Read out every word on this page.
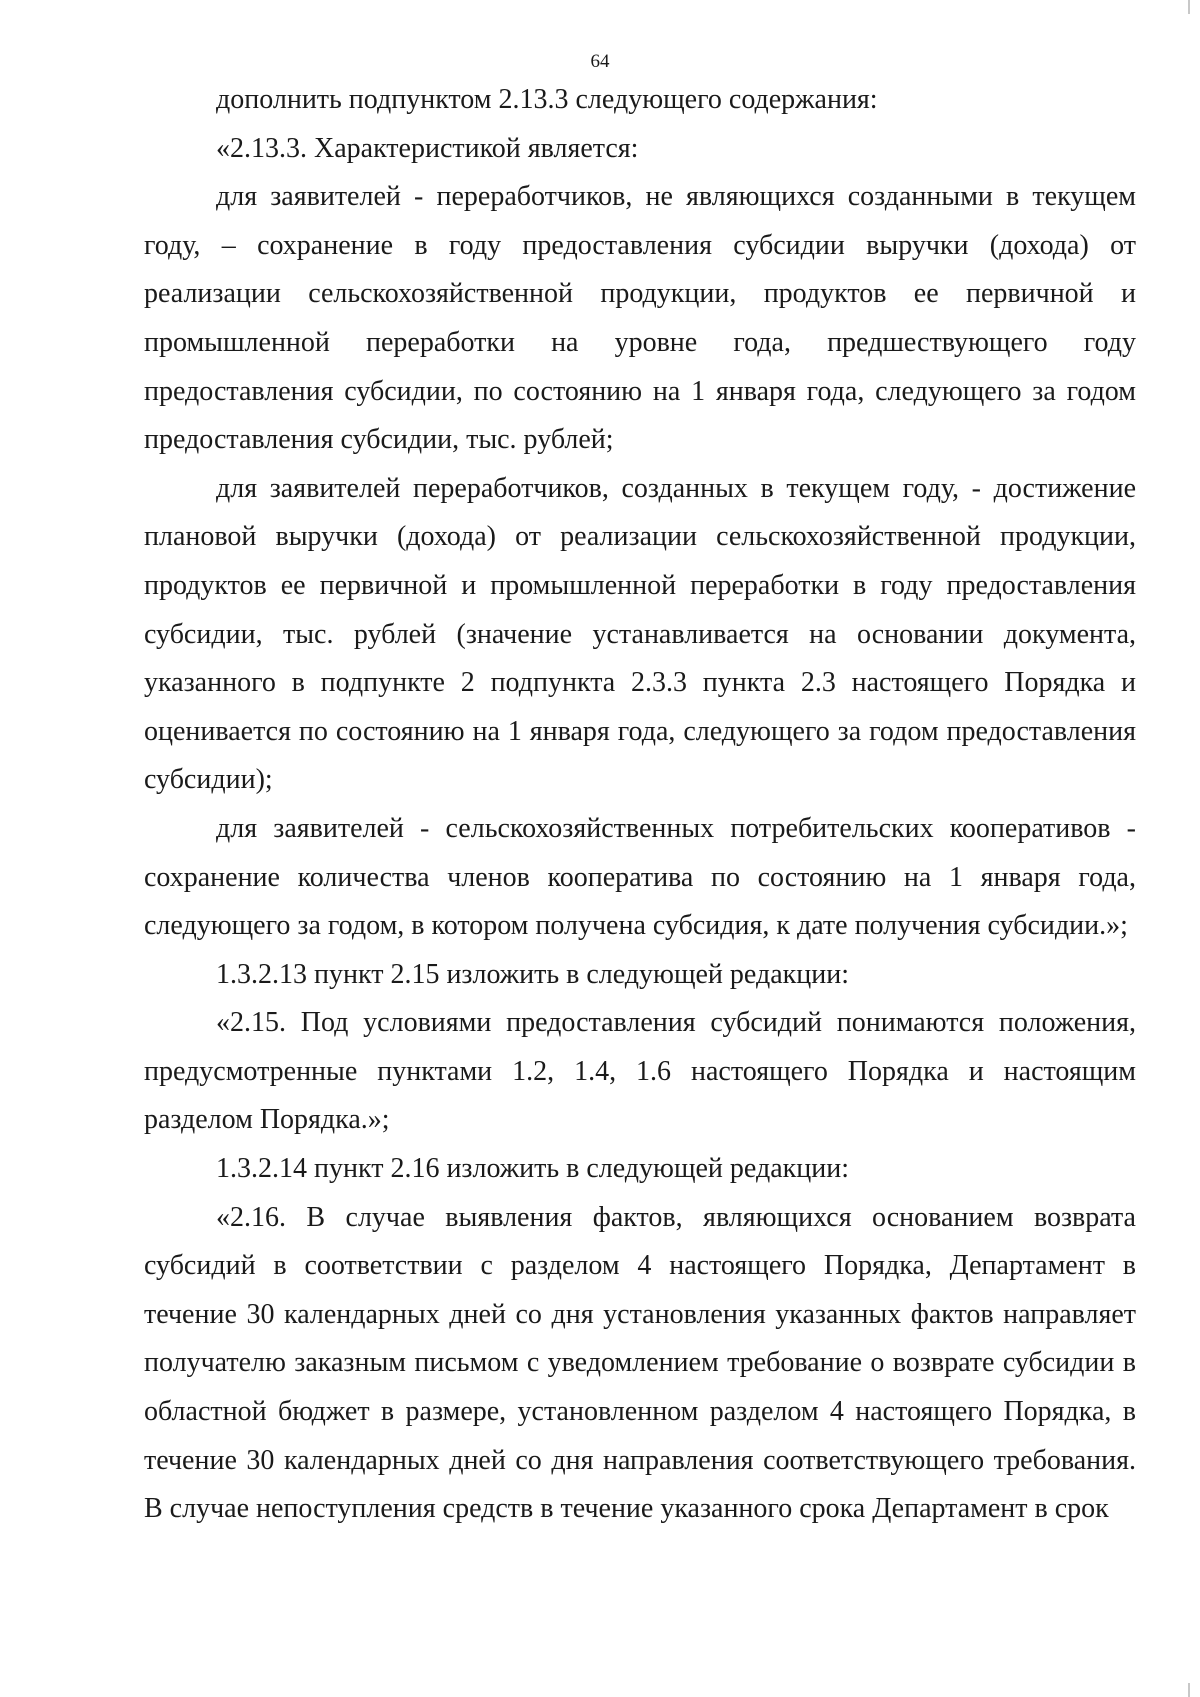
64

дополнить подпунктом 2.13.3 следующего содержания:

«2.13.3. Характеристикой является:

для заявителей - переработчиков, не являющихся созданными в текущем году, – сохранение в году предоставления субсидии выручки (дохода) от реализации сельскохозяйственной продукции, продуктов ее первичной и промышленной переработки на уровне года, предшествующего году предоставления субсидии, по состоянию на 1 января года, следующего за годом предоставления субсидии, тыс. рублей;

для заявителей переработчиков, созданных в текущем году, - достижение плановой выручки (дохода) от реализации сельскохозяйственной продукции, продуктов ее первичной и промышленной переработки в году предоставления субсидии, тыс. рублей (значение устанавливается на основании документа, указанного в подпункте 2 подпункта 2.3.3 пункта 2.3 настоящего Порядка и оценивается по состоянию на 1 января года, следующего за годом предоставления субсидии);

для заявителей - сельскохозяйственных потребительских кооперативов - сохранение количества членов кооператива по состоянию на 1 января года, следующего за годом, в котором получена субсидия, к дате получения субсидии.»;

1.3.2.13 пункт 2.15 изложить в следующей редакции:

«2.15. Под условиями предоставления субсидий понимаются положения, предусмотренные пунктами 1.2, 1.4, 1.6 настоящего Порядка и настоящим разделом Порядка.»;

1.3.2.14 пункт 2.16 изложить в следующей редакции:

«2.16. В случае выявления фактов, являющихся основанием возврата субсидий в соответствии с разделом 4 настоящего Порядка, Департамент в течение 30 календарных дней со дня установления указанных фактов направляет получателю заказным письмом с уведомлением требование о возврате субсидии в областной бюджет в размере, установленном разделом 4 настоящего Порядка, в течение 30 календарных дней со дня направления соответствующего требования. В случае непоступления средств в течение указанного срока Департамент в срок
